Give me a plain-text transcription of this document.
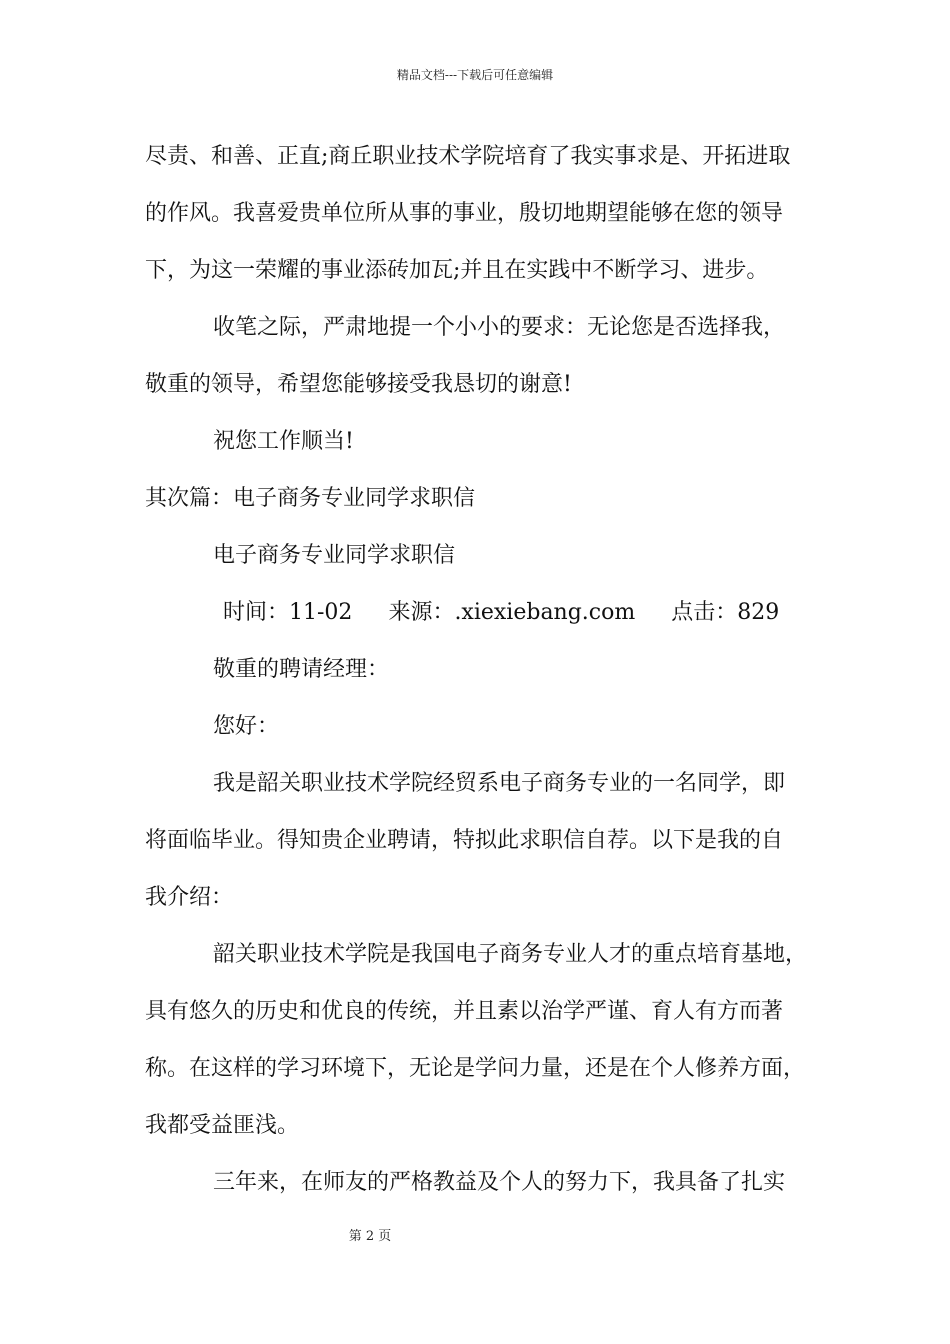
精品文档---下载后可任意编辑
尽责、和善、正直;商丘职业技术学院培育了我实事求是、开拓进取
的作风。我喜爱贵单位所从事的事业，殷切地期望能够在您的领导
下，为这一荣耀的事业添砖加瓦;并且在实践中不断学习、进步。
收笔之际，严肃地提一个小小的要求：无论您是否选择我，
敬重的领导，希望您能够接受我恳切的谢意!
祝您工作顺当!
其次篇：电子商务专业同学求职信
电子商务专业同学求职信
时间：11-02 来源：.xiexiebang.com 点击：829
敬重的聘请经理：
您好：
我是韶关职业技术学院经贸系电子商务专业的一名同学，即
将面临毕业。得知贵企业聘请，特拟此求职信自荐。以下是我的自
我介绍：
韶关职业技术学院是我国电子商务专业人才的重点培育基地，
具有悠久的历史和优良的传统，并且素以治学严谨、育人有方而著
称。在这样的学习环境下，无论是学问力量，还是在个人修养方面，
我都受益匪浅。
三年来，在师友的严格教益及个人的努力下，我具备了扎实
第 2 页
